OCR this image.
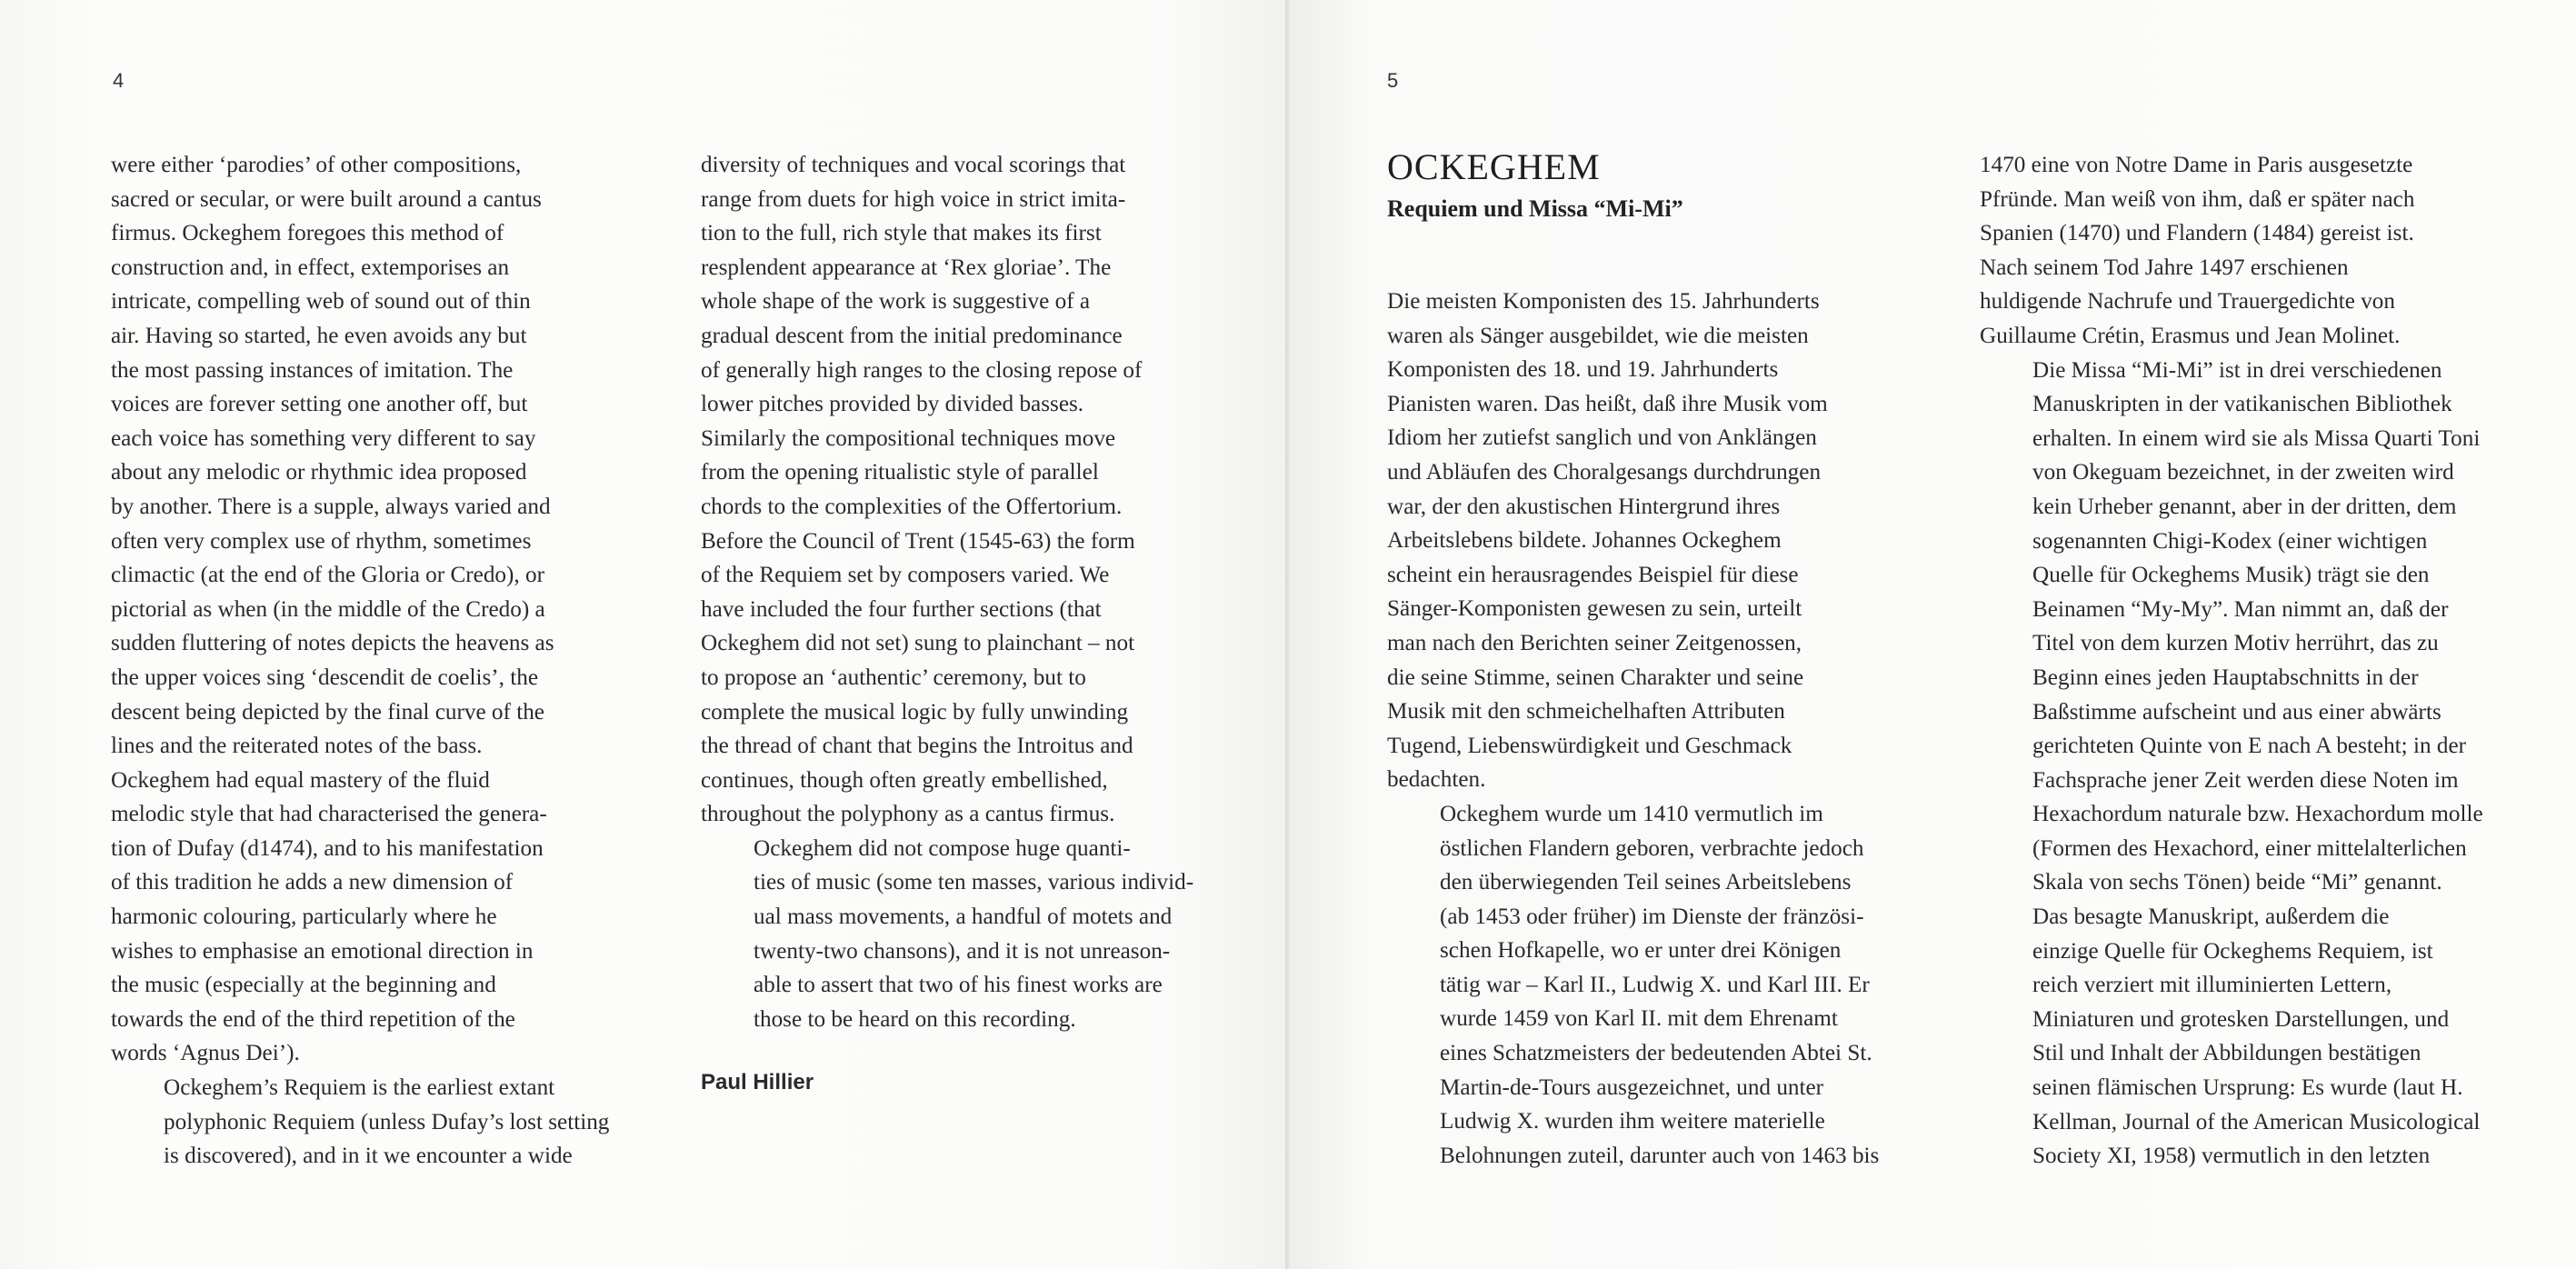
4

were either ‘parodies’ of other compositions,
sacred or secular, or were built around a cantus
firmus. Ockeghem foregoes this method of
construction and, in effect, extemporises an
intricate, compelling web of sound out of thin
air. Having so started, he even avoids any but
the most passing instances of imitation. The
voices are forever setting one another off, but
each voice has something very different to say
about any melodic or rhythmic idea proposed
by another. There is a supple, always varied and
often very complex use of rhythm, sometimes
climactic (at the end of the Gloria or Credo), or
pictorial as when (in the middle of the Credo) a
sudden fluttering of notes depicts the heavens as
the upper voices sing ‘descendit de coelis’, the
descent being depicted by the final curve of the
lines and the reiterated notes of the bass.
Ockeghem had equal mastery of the fluid
melodic style that had characterised the genera-
tion of Dufay (d1474), and to his manifestation
of this tradition he adds a new dimension of
harmonic colouring, particularly where he
wishes to emphasise an emotional direction in
the music (especially at the beginning and
towards the end of the third repetition of the
words ‘Agnus Dei’).

Ockeghem’s Requiem is the earliest extant
polyphonic Requiem (unless Dufay’s lost setting
is discovered), and in it we encounter a wide

diversity of techniques and vocal scorings that
range from duets for high voice in strict imita-
tion to the full, rich style that makes its first
resplendent appearance at ‘Rex gloriae’. The
whole shape of the work is suggestive of a
gradual descent from the initial predominance
of generally high ranges to the closing repose of
lower pitches provided by divided basses.
Similarly the compositional techniques move
from the opening ritualistic style of parallel
chords to the complexities of the Offertorium.
Before the Council of Trent (1545-63) the form
of the Requiem set by composers varied. We
have included the four further sections (that
Ockeghem did not set) sung to plainchant – not
to propose an ‘authentic’ ceremony, but to
complete the musical logic by fully unwinding
the thread of chant that begins the Introitus and
continues, though often greatly embellished,
throughout the polyphony as a cantus firmus.

Ockeghem did not compose huge quanti-
ties of music (some ten masses, various individ-
ual mass movements, a handful of motets and
twenty-two chansons), and it is not unreason-
able to assert that two of his finest works are
those to be heard on this recording.

Paul Hillier

5
OCKEGHEM
Requiem und Missa “Mi-Mi”

Die meisten Komponisten des 15. Jahrhunderts
waren als Sänger ausgebildet, wie die meisten
Komponisten des 18. und 19. Jahrhunderts
Pianisten waren. Das heißt, daß ihre Musik vom
Idiom her zutiefst sanglich und von Anklängen
und Abläufen des Choralgesangs durchdrungen
war, der den akustischen Hintergrund ihres
Arbeitslebens bildete. Johannes Ockeghem
scheint ein herausragendes Beispiel für diese
Sänger-Komponisten gewesen zu sein, urteilt
man nach den Berichten seiner Zeitgenossen,
die seine Stimme, seinen Charakter und seine
Musik mit den schmeichelhaften Attributen
Tugend, Liebenswürdigkeit und Geschmack
bedachten.

Ockeghem wurde um 1410 vermutlich im
östlichen Flandern geboren, verbrachte jedoch
den überwiegenden Teil seines Arbeitslebens
(ab 1453 oder früher) im Dienste der fränzösi-
schen Hofkapelle, wo er unter drei Königen
tätig war – Karl II., Ludwig X. und Karl III. Er
wurde 1459 von Karl II. mit dem Ehrenamt
eines Schatzmeisters der bedeutenden Abtei St.
Martin-de-Tours ausgezeichnet, und unter
Ludwig X. wurden ihm weitere materielle
Belohnungen zuteil, darunter auch von 1463 bis

1470 eine von Notre Dame in Paris ausgesetzte
Pfründe. Man weiß von ihm, daß er später nach
Spanien (1470) und Flandern (1484) gereist ist.
Nach seinem Tod Jahre 1497 erschienen
huldigende Nachrufe und Trauergedichte von
Guillaume Crétin, Erasmus und Jean Molinet.

Die Missa “Mi-Mi” ist in drei verschiedenen
Manuskripten in der vatikanischen Bibliothek
erhalten. In einem wird sie als Missa Quarti Toni
von Okeguam bezeichnet, in der zweiten wird
kein Urheber genannt, aber in der dritten, dem
sogenannten Chigi-Kodex (einer wichtigen
Quelle für Ockeghems Musik) trägt sie den
Beinamen “My-My”. Man nimmt an, daß der
Titel von dem kurzen Motiv herrührt, das zu
Beginn eines jeden Hauptabschnitts in der
Baßstimme aufscheint und aus einer abwärts
gerichteten Quinte von E nach A besteht; in der
Fachsprache jener Zeit werden diese Noten im
Hexachordum naturale bzw. Hexachordum molle
(Formen des Hexachord, einer mittelalterlichen
Skala von sechs Tönen) beide “Mi” genannt.

Das besagte Manuskript, außerdem die
einzige Quelle für Ockeghems Requiem, ist
reich verziert mit illuminierten Lettern,
Miniaturen und grotesken Darstellungen, und
Stil und Inhalt der Abbildungen bestätigen
seinen flämischen Ursprung: Es wurde (laut H.
Kellman, Journal of the American Musicological
Society XI, 1958) vermutlich in den letzten
